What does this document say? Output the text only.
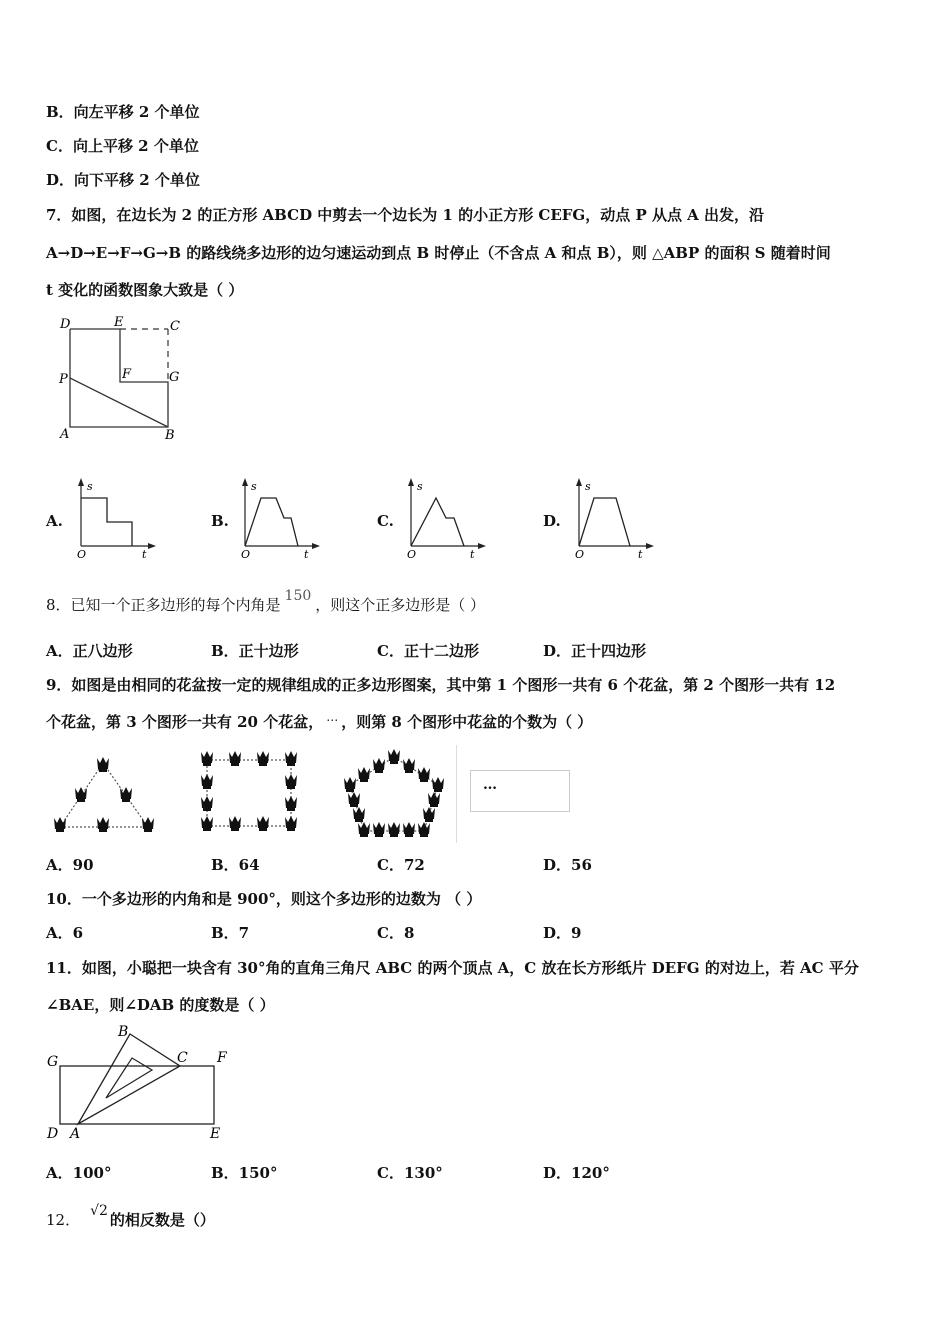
B．向左平移 2 个单位
C．向上平移 2 个单位
D．向下平移 2 个单位
7．如图，在边长为 2 的正方形 ABCD 中剪去一个边长为 1 的小正方形 CEFG，动点 P 从点 A 出发，沿
A→D→E→F→G→B 的路线绕多边形的边匀速运动到点 B 时停止（不含点 A 和点 B），则 △ABP 的面积 S 随着时间
t 变化的函数图象大致是（ ）
D	E	C
P	F	G
A	B
A.	B.	C.	D.
s
O	t
s
O	t
s
O	t
s
O	t
8．已知一个正多边形的每个内角是 150 ，则这个正多边形是（ ）
A．正八边形	B．正十边形	C．正十二边形	D．正十四边形
9．如图是由相同的花盆按一定的规律组成的正多边形图案，其中第 1 个图形一共有 6 个花盆，第 2 个图形一共有 12
个花盆，第 3 个图形一共有 20 个花盆， … ，则第 8 个图形中花盆的个数为（ ）
…
A．90	B．64	C．72	D．56
10．一个多边形的内角和是 900°，则这个多边形的边数为 （ ）
A．6	B．7	C．8	D．9
11．如图，小聪把一块含有 30°角的直角三角尺 ABC 的两个顶点 A，C 放在长方形纸片 DEFG 的对边上，若 AC 平分
∠BAE，则∠DAB 的度数是（ ）
G
B
C F
D A	E
A．100°	B．150°	C．130°	D．120°
12． √2 的相反数是（）
